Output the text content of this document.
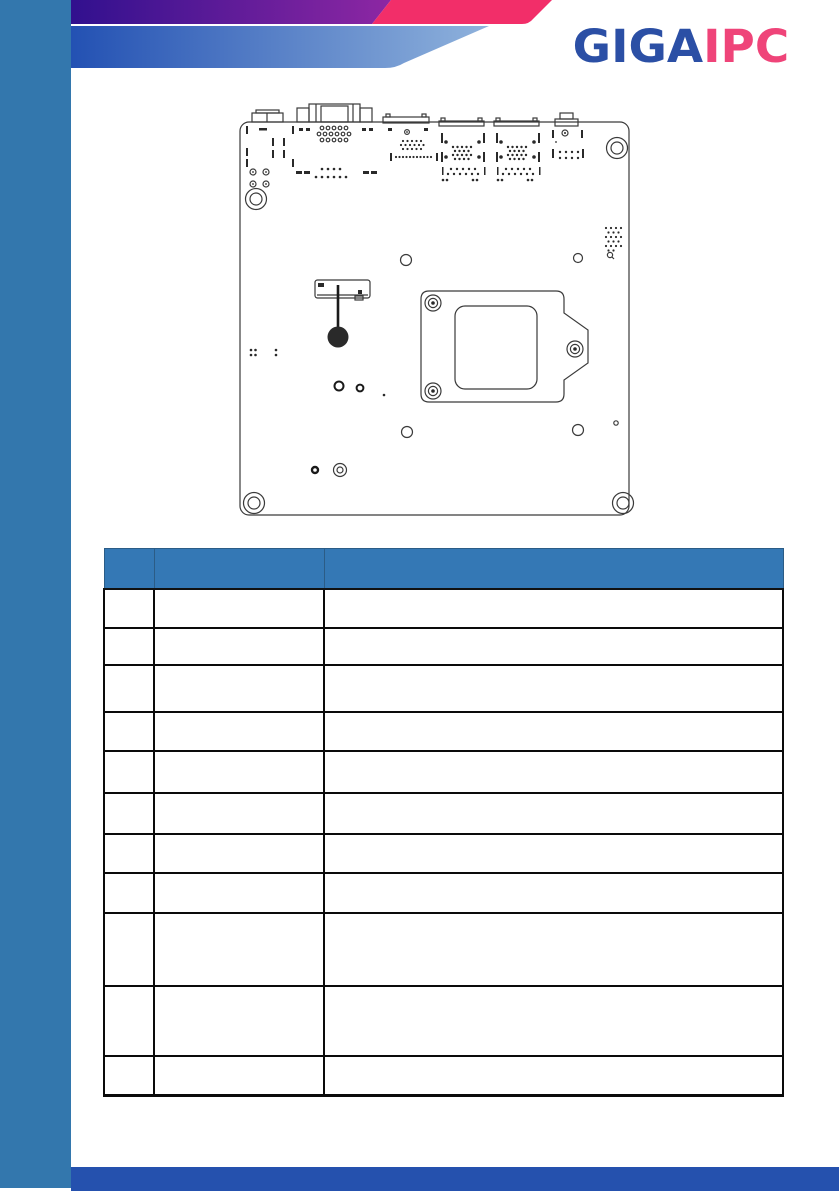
GIGAIPC
